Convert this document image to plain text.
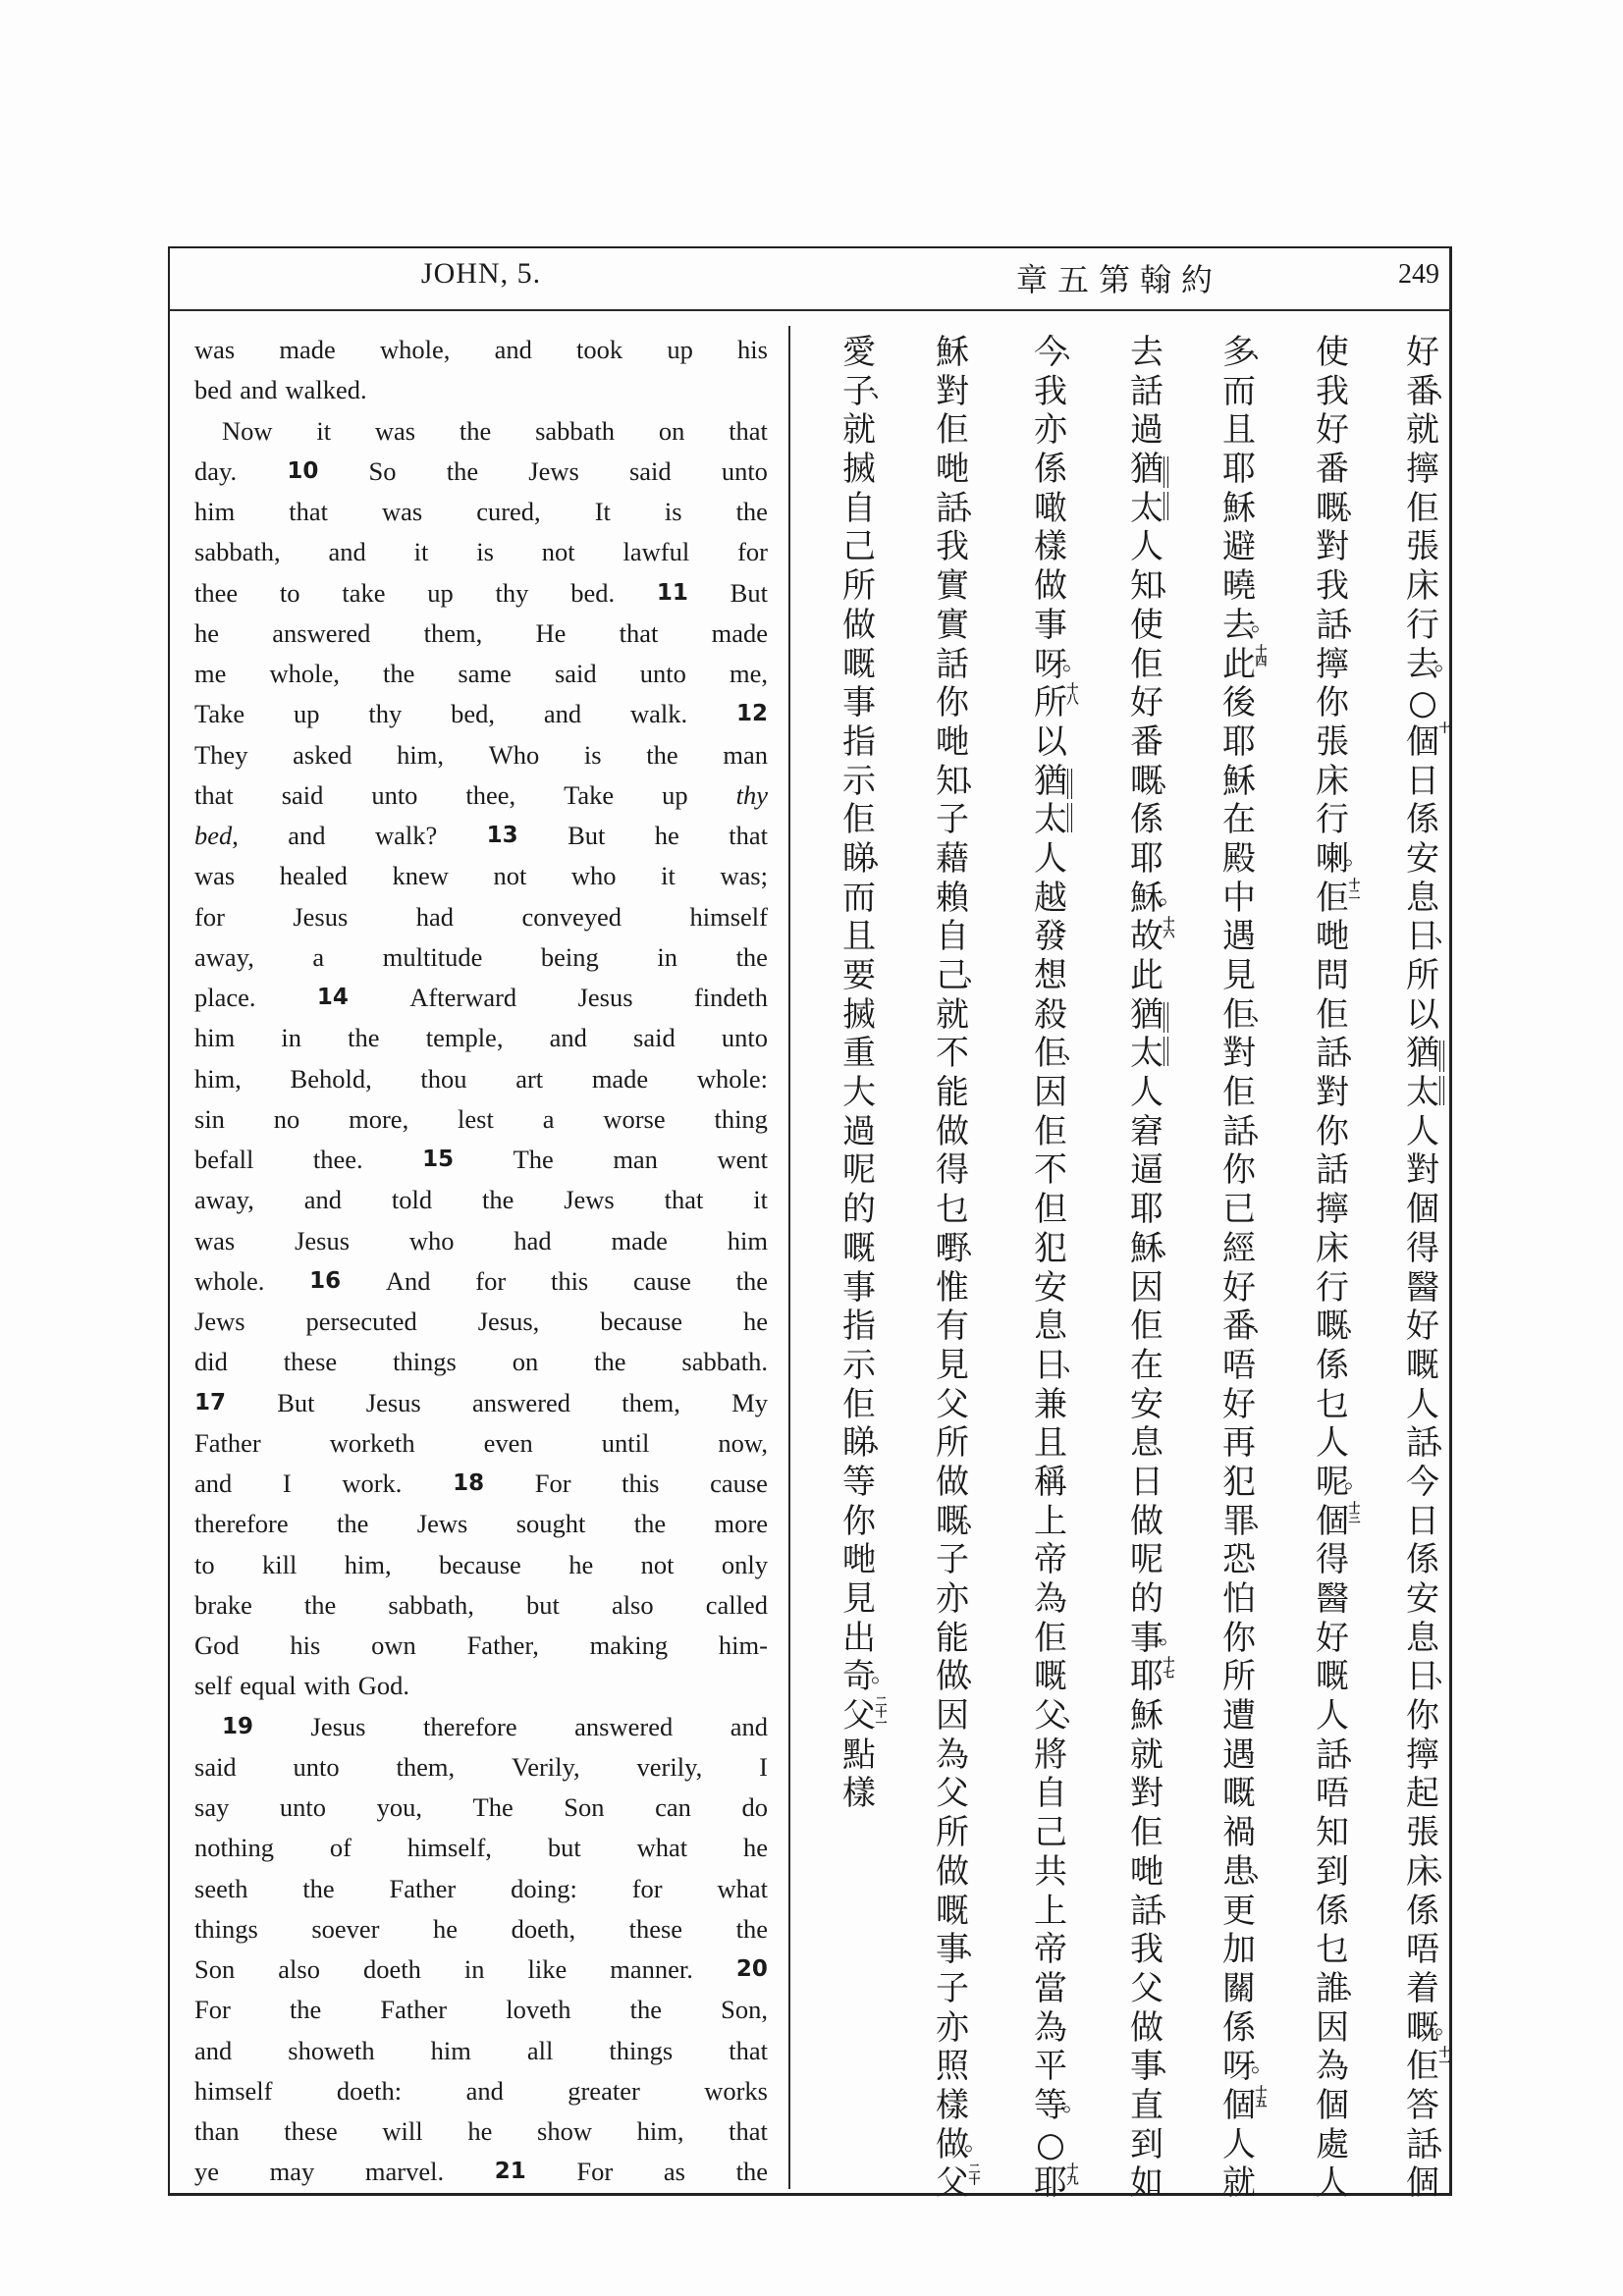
JOHN, 5.	章五第翰約	249
was made whole, and took up his
bed and walked.
Now it was the sabbath on that
day. 10 So the Jews said unto
him that was cured, It is the
sabbath, and it is not lawful for
thee to take up thy bed. 11 But
he answered them, He that made
me whole, the same said unto me,
Take up thy bed, and walk. 12
They asked him, Who is the man
that said unto thee, Take up thy
bed, and walk? 13 But he that
was healed knew not who it was;
for	Jesus	had	conveyed	himself
away, a multitude being in the
place.	14 Afterward Jesus findeth
him in the temple, and said unto
him, Behold, thou art made whole:
sin no more, lest a worse thing
befall thee.	15 The man went
away, and told the Jews that it
was Jesus who had made him
whole. 16 And for this cause the
Jews persecuted Jesus, because he
did these things on the sabbath.
17 But Jesus answered them, My
Father	worketh	even	until	now,
and I work. 18 For this cause
therefore the Jews sought the more
to kill him, because he not only
brake the sabbath, but also called
God his own Father, making him-
self equal with God.
19 Jesus therefore answered and
said unto them, Verily, verily, I
say unto you, The Son can do
nothing of himself, but what he
seeth the Father doing: for what
things soever he doeth, these the
Son also doeth in like manner. 20
For the Father loveth the Son,
and showeth him all things that
himself doeth: and greater works
than these will he show him, that
ye may marvel. 21 For as the
好
番
、
就
擰
佢
張
床
行
去
。
○
個
十
日
係
安
息
日
、
所
以
猶
太
人
對
個
得
醫
好
嘅
人
話
、
今
日
係
安
息
日
、
你
擰
起
張
床
、
係
唔
着
嘅
。
佢
十一
答
話
、
個
使
我
好
番
嘅
、
對
我
話
、
擰
你
張
床
行
喇
。
佢
十二
哋
問
佢
話
、
對
你
話
擰
床
行
嘅
、
係
乜
人
呢
。
個
十三
得
醫
好
嘅
人
話
、
唔
知
到
係
乜
誰
、
因
為
個
處
人
多
、
而
且
耶
穌
避
曉
去
。
此
十四
後
耶
穌
在
殿
中
遇
見
佢
、
對
佢
話
、
你
已
經
好
番
、
唔
好
再
犯
罪
、
恐
怕
你
所
遭
遇
嘅
禍
患
、
更
加
關
係
呀
。
個
十五
人
就
去
話
過
猶
太
人
知
、
使
佢
好
番
嘅
、
係
耶
穌
。
故
十六
此
猶
太
人
窘
逼
耶
穌
、
因
佢
在
安
息
日
做
呢
的
事
。
耶
十七
穌
就
對
佢
哋
話
、
我
父
做
事
、
直
到
如
今
、
我
亦
係
噉
樣
做
事
呀
。
所
十八
以
猶
太
人
越
發
想
殺
佢
、
因
佢
不
但
犯
安
息
日
、
兼
且
稱
上
帝
為
佢
嘅
父
、
將
自
己
共
上
帝
當
為
平
等
。
○
耶
十九
穌
對
佢
哋
話
、
我
實
實
話
你
哋
知
、
子
藉
賴
自
己
、
就
不
能
做
得
乜
嘢
、
惟
有
見
父
所
做
嘅
、
子
亦
能
做
、
因
為
父
所
做
嘅
事
、
子
亦
照
樣
做
。
父
二十
愛
子
、
就
搣
自
己
所
做
嘅
事
指
示
佢
睇
、
而
且
要
搣
重
大
過
呢
的
嘅
事
指
示
佢
睇
、
等
你
哋
見
出
奇
。
父
二十一
點
樣
